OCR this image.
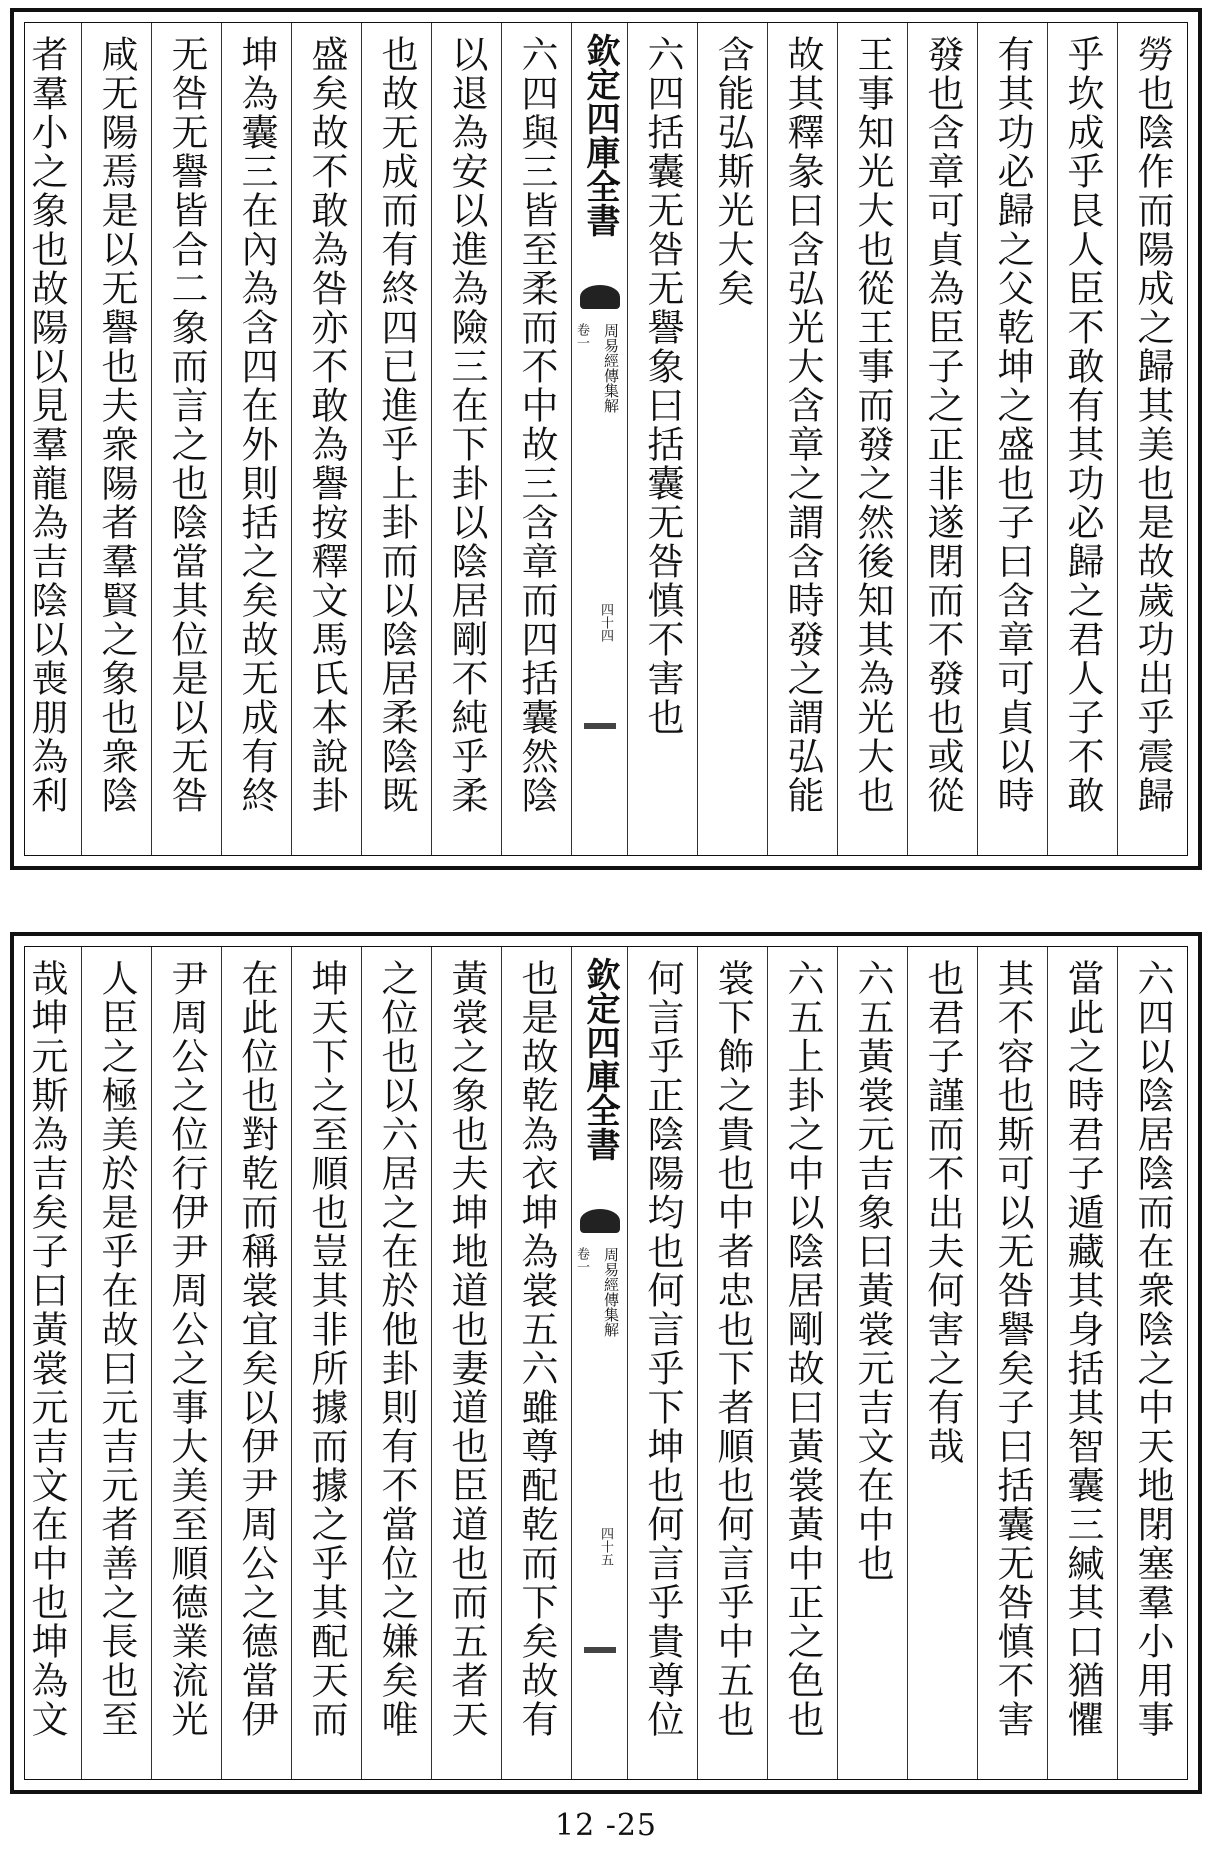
勞也陰作而陽成之歸其美也是故歲功出乎震歸
乎坎成乎艮人臣不敢有其功必歸之君人子不敢
有其功必歸之父乾坤之盛也子曰含章可貞以時
發也含章可貞為臣子之正非遂閉而不發也或從
王事知光大也從王事而發之然後知其為光大也
故其釋彖曰含弘光大含章之謂含時發之謂弘能
含能弘斯光大矣
六四括囊无咎无譽象曰括囊无咎慎不害也
欽定四庫全書
周易經傳集解
卷一
四十四
六四與三皆至柔而不中故三含章而四括囊然陰
以退為安以進為險三在下卦以陰居剛不純乎柔
也故无成而有終四已進乎上卦而以陰居柔陰既
盛矣故不敢為咎亦不敢為譽按釋文馬氏本說卦
坤為囊三在內為含四在外則括之矣故无成有終
无咎无譽皆合二象而言之也陰當其位是以无咎
咸无陽焉是以无譽也夫衆陽者羣賢之象也衆陰
者羣小之象也故陽以見羣龍為吉陰以喪朋為利
六四以陰居陰而在衆陰之中天地閉塞羣小用事
當此之時君子遁藏其身括其智囊三緘其口猶懼
其不容也斯可以无咎譽矣子曰括囊无咎慎不害
也君子謹而不出夫何害之有哉
六五黃裳元吉象曰黃裳元吉文在中也
六五上卦之中以陰居剛故曰黃裳黃中正之色也
裳下飾之貴也中者忠也下者順也何言乎中五也
何言乎正陰陽均也何言乎下坤也何言乎貴尊位
欽定四庫全書
周易經傳集解
卷一
四十五
也是故乾為衣坤為裳五六雖尊配乾而下矣故有
黃裳之象也夫坤地道也妻道也臣道也而五者天
之位也以六居之在於他卦則有不當位之嫌矣唯
坤天下之至順也豈其非所據而據之乎其配天而
在此位也對乾而稱裳宜矣以伊尹周公之德當伊
尹周公之位行伊尹周公之事大美至順德業流光
人臣之極美於是乎在故曰元吉元者善之長也至
哉坤元斯為吉矣子曰黃裳元吉文在中也坤為文
12 -25
